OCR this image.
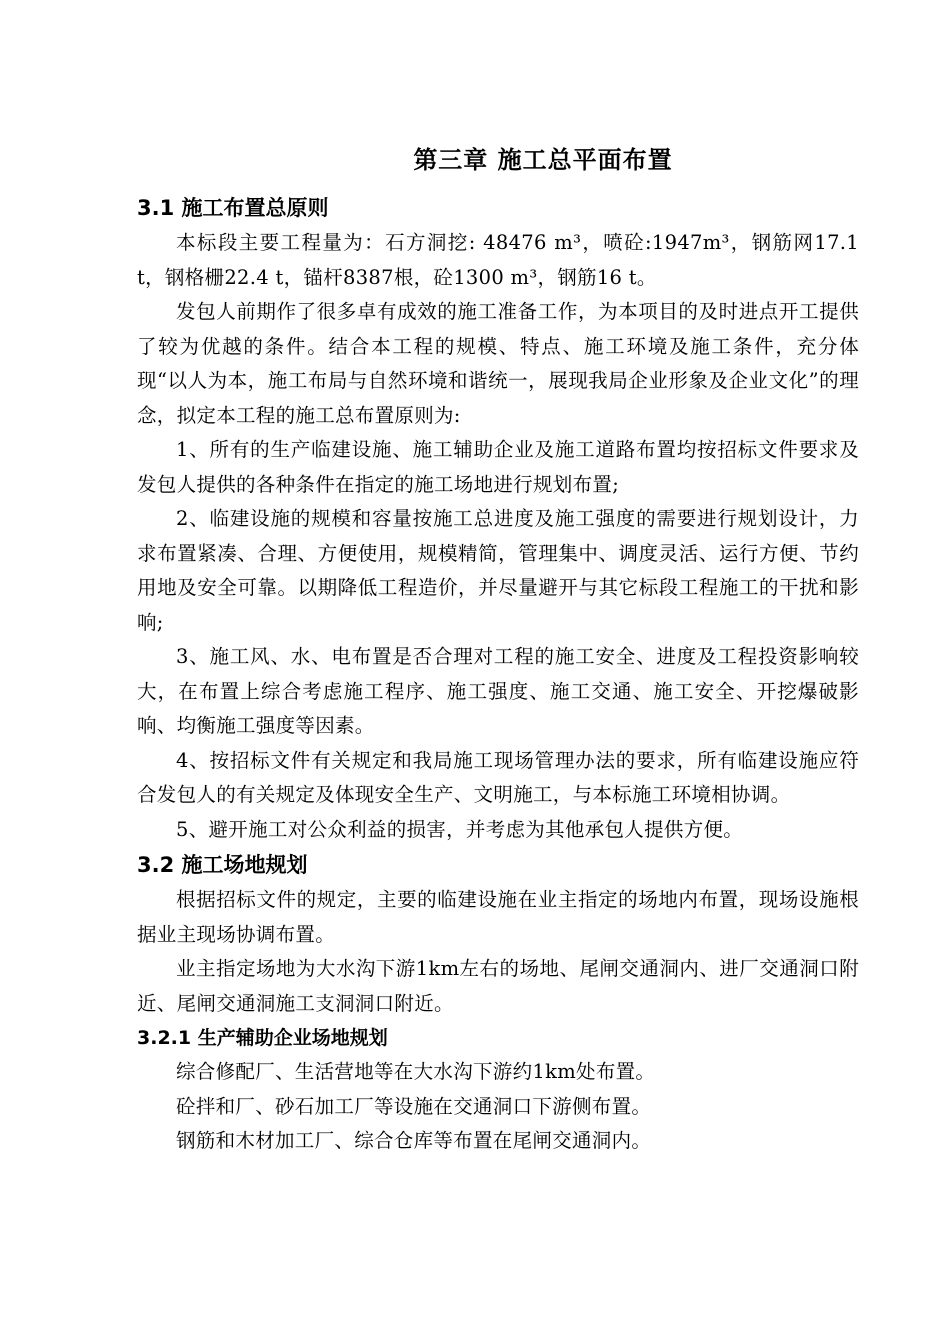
第三章 施工总平面布置
3.1 施工布置总原则

本标段主要工程量为：石方洞挖: 48476 m³，喷砼:1947m³，钢筋网17.1 t，钢格栅22.4 t，锚杆8387根，砼1300 m³，钢筋16 t。

发包人前期作了很多卓有成效的施工准备工作，为本项目的及时进点开工提供了较为优越的条件。结合本工程的规模、特点、施工环境及施工条件，充分体现“以人为本，施工布局与自然环境和谐统一，展现我局企业形象及企业文化”的理念，拟定本工程的施工总布置原则为:

1、所有的生产临建设施、施工辅助企业及施工道路布置均按招标文件要求及发包人提供的各种条件在指定的施工场地进行规划布置;

2、临建设施的规模和容量按施工总进度及施工强度的需要进行规划设计，力求布置紧凑、合理、方便使用，规模精简，管理集中、调度灵活、运行方便、节约用地及安全可靠。以期降低工程造价，并尽量避开与其它标段工程施工的干扰和影响;

3、施工风、水、电布置是否合理对工程的施工安全、进度及工程投资影响较大，在布置上综合考虑施工程序、施工强度、施工交通、施工安全、开挖爆破影响、均衡施工强度等因素。

4、按招标文件有关规定和我局施工现场管理办法的要求，所有临建设施应符合发包人的有关规定及体现安全生产、文明施工，与本标施工环境相协调。

5、避开施工对公众利益的损害，并考虑为其他承包人提供方便。

3.2 施工场地规划

根据招标文件的规定，主要的临建设施在业主指定的场地内布置，现场设施根据业主现场协调布置。

业主指定场地为大水沟下游1km左右的场地、尾闸交通洞内、进厂交通洞口附近、尾闸交通洞施工支洞洞口附近。

3.2.1 生产辅助企业场地规划

综合修配厂、生活营地等在大水沟下游约1km处布置。

砼拌和厂、砂石加工厂等设施在交通洞口下游侧布置。

钢筋和木材加工厂、综合仓库等布置在尾闸交通洞内。
